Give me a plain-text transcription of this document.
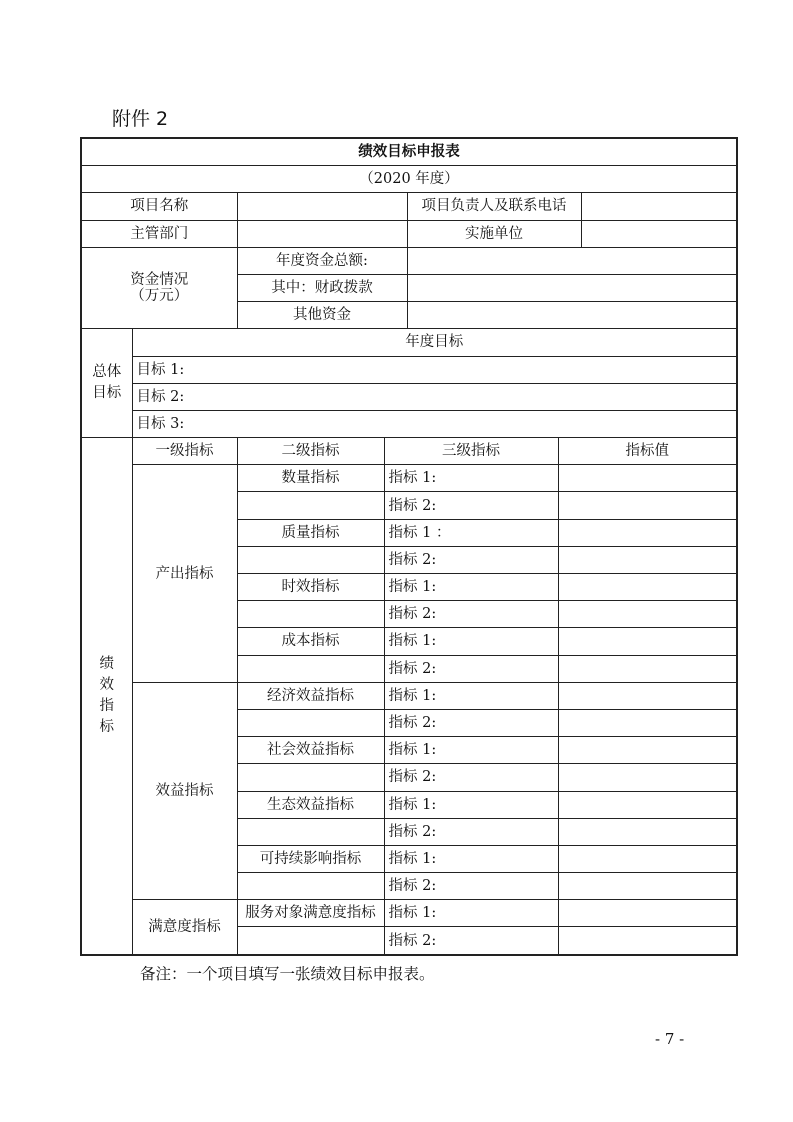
附件 2
绩效目标申报表						
（2020 年度）						
项目名称				项目负责人及联系电话		
主管部门				实施单位		
资金情况
（万元）		年度资金总额:				
		其中：财政拨款				
		其他资金				
总体目标	年度目标					
	目标 1:					
	目标 2:					
	目标 3:					
绩效指标	一级指标	二级指标	三级指标		指标值	
	产出指标	数量指标	指标 1:			
			指标 2:			
		质量指标	指标 1 ：			
			指标 2:			
		时效指标	指标 1:			
			指标 2:			
		成本指标	指标 1:			
			指标 2:			
	效益指标	经济效益指标	指标 1:			
			指标 2:			
		社会效益指标	指标 1:			
			指标 2:			
		生态效益指标	指标 1:			
			指标 2:			
		可持续影响指标	指标 1:			
			指标 2:			
	满意度指标	服务对象满意度指标	指标 1:			
			指标 2:			
备注：一个项目填写一张绩效目标申报表。
- 7 -
